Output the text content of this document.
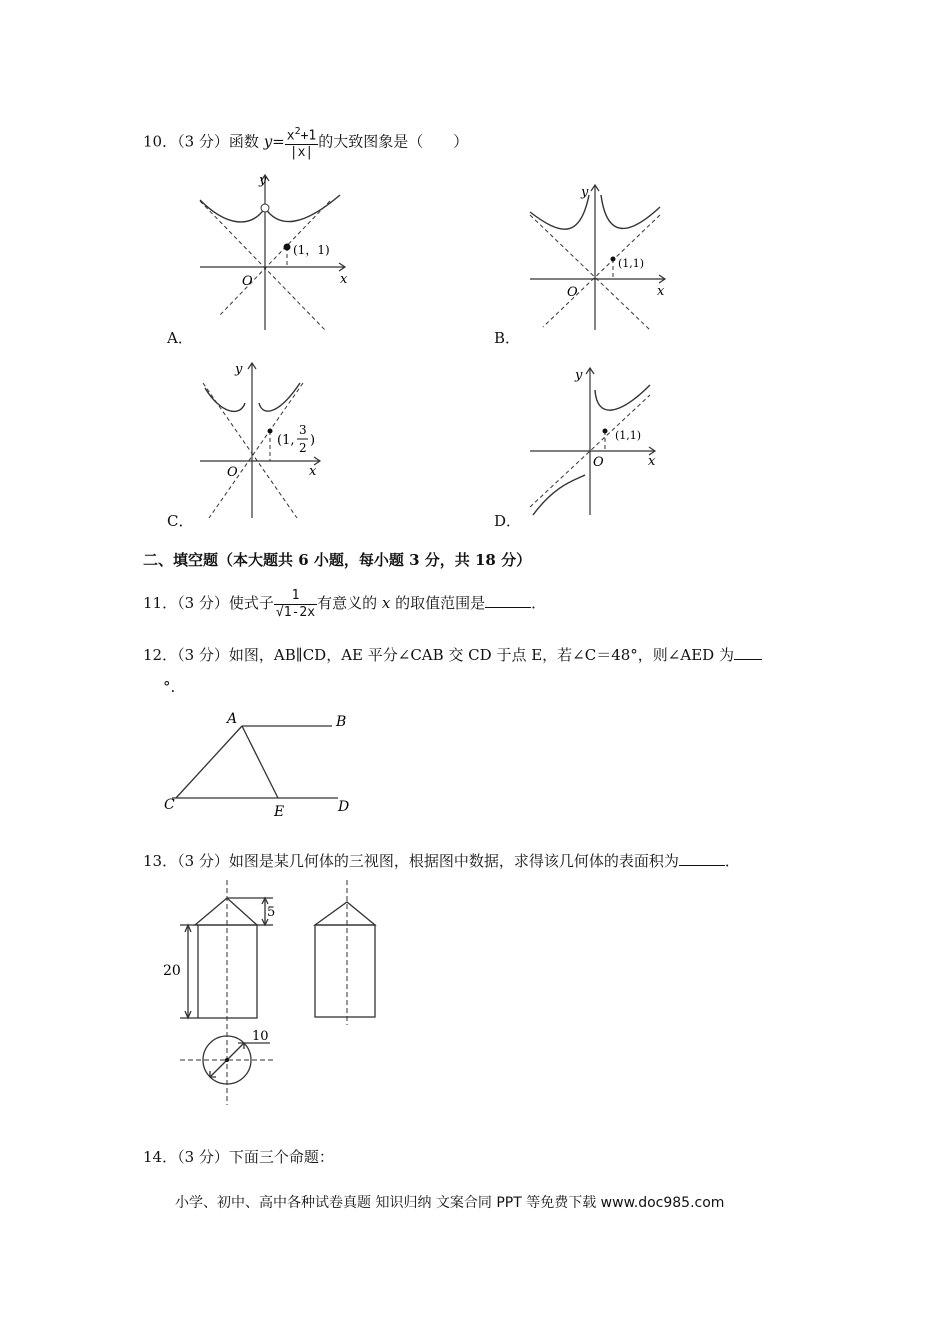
10．（3 分）函数 $y= \frac{x^2+1}{|x|}$ 的大致图象是（　　）
y
x
O
(1，1)
A．
y
x
O
(1,1)
B．
y
x
O
(1,
3
2 )
C．
y
x
O
(1,1)
D．
二、填空题（本大题共 6 小题，每小题 3 分，共 18 分）
11．（3 分）使式子 $\frac{1}{√1-2x}$ 有意义的 x 的取值范围是	．
12．（3 分）如图，AB∥CD，AE 平分∠CAB 交 CD 于点 E，若∠C＝48°，则∠AED 为
°.
A	B
C	E	D
13．（3 分）如图是某几何体的三视图，根据图中数据，求得该几何体的表面积为	．
20
5
10
14．（3 分）下面三个命题：
小学、初中、高中各种试卷真题 知识归纳 文案合同 PPT 等免费下载 www.doc985.com
